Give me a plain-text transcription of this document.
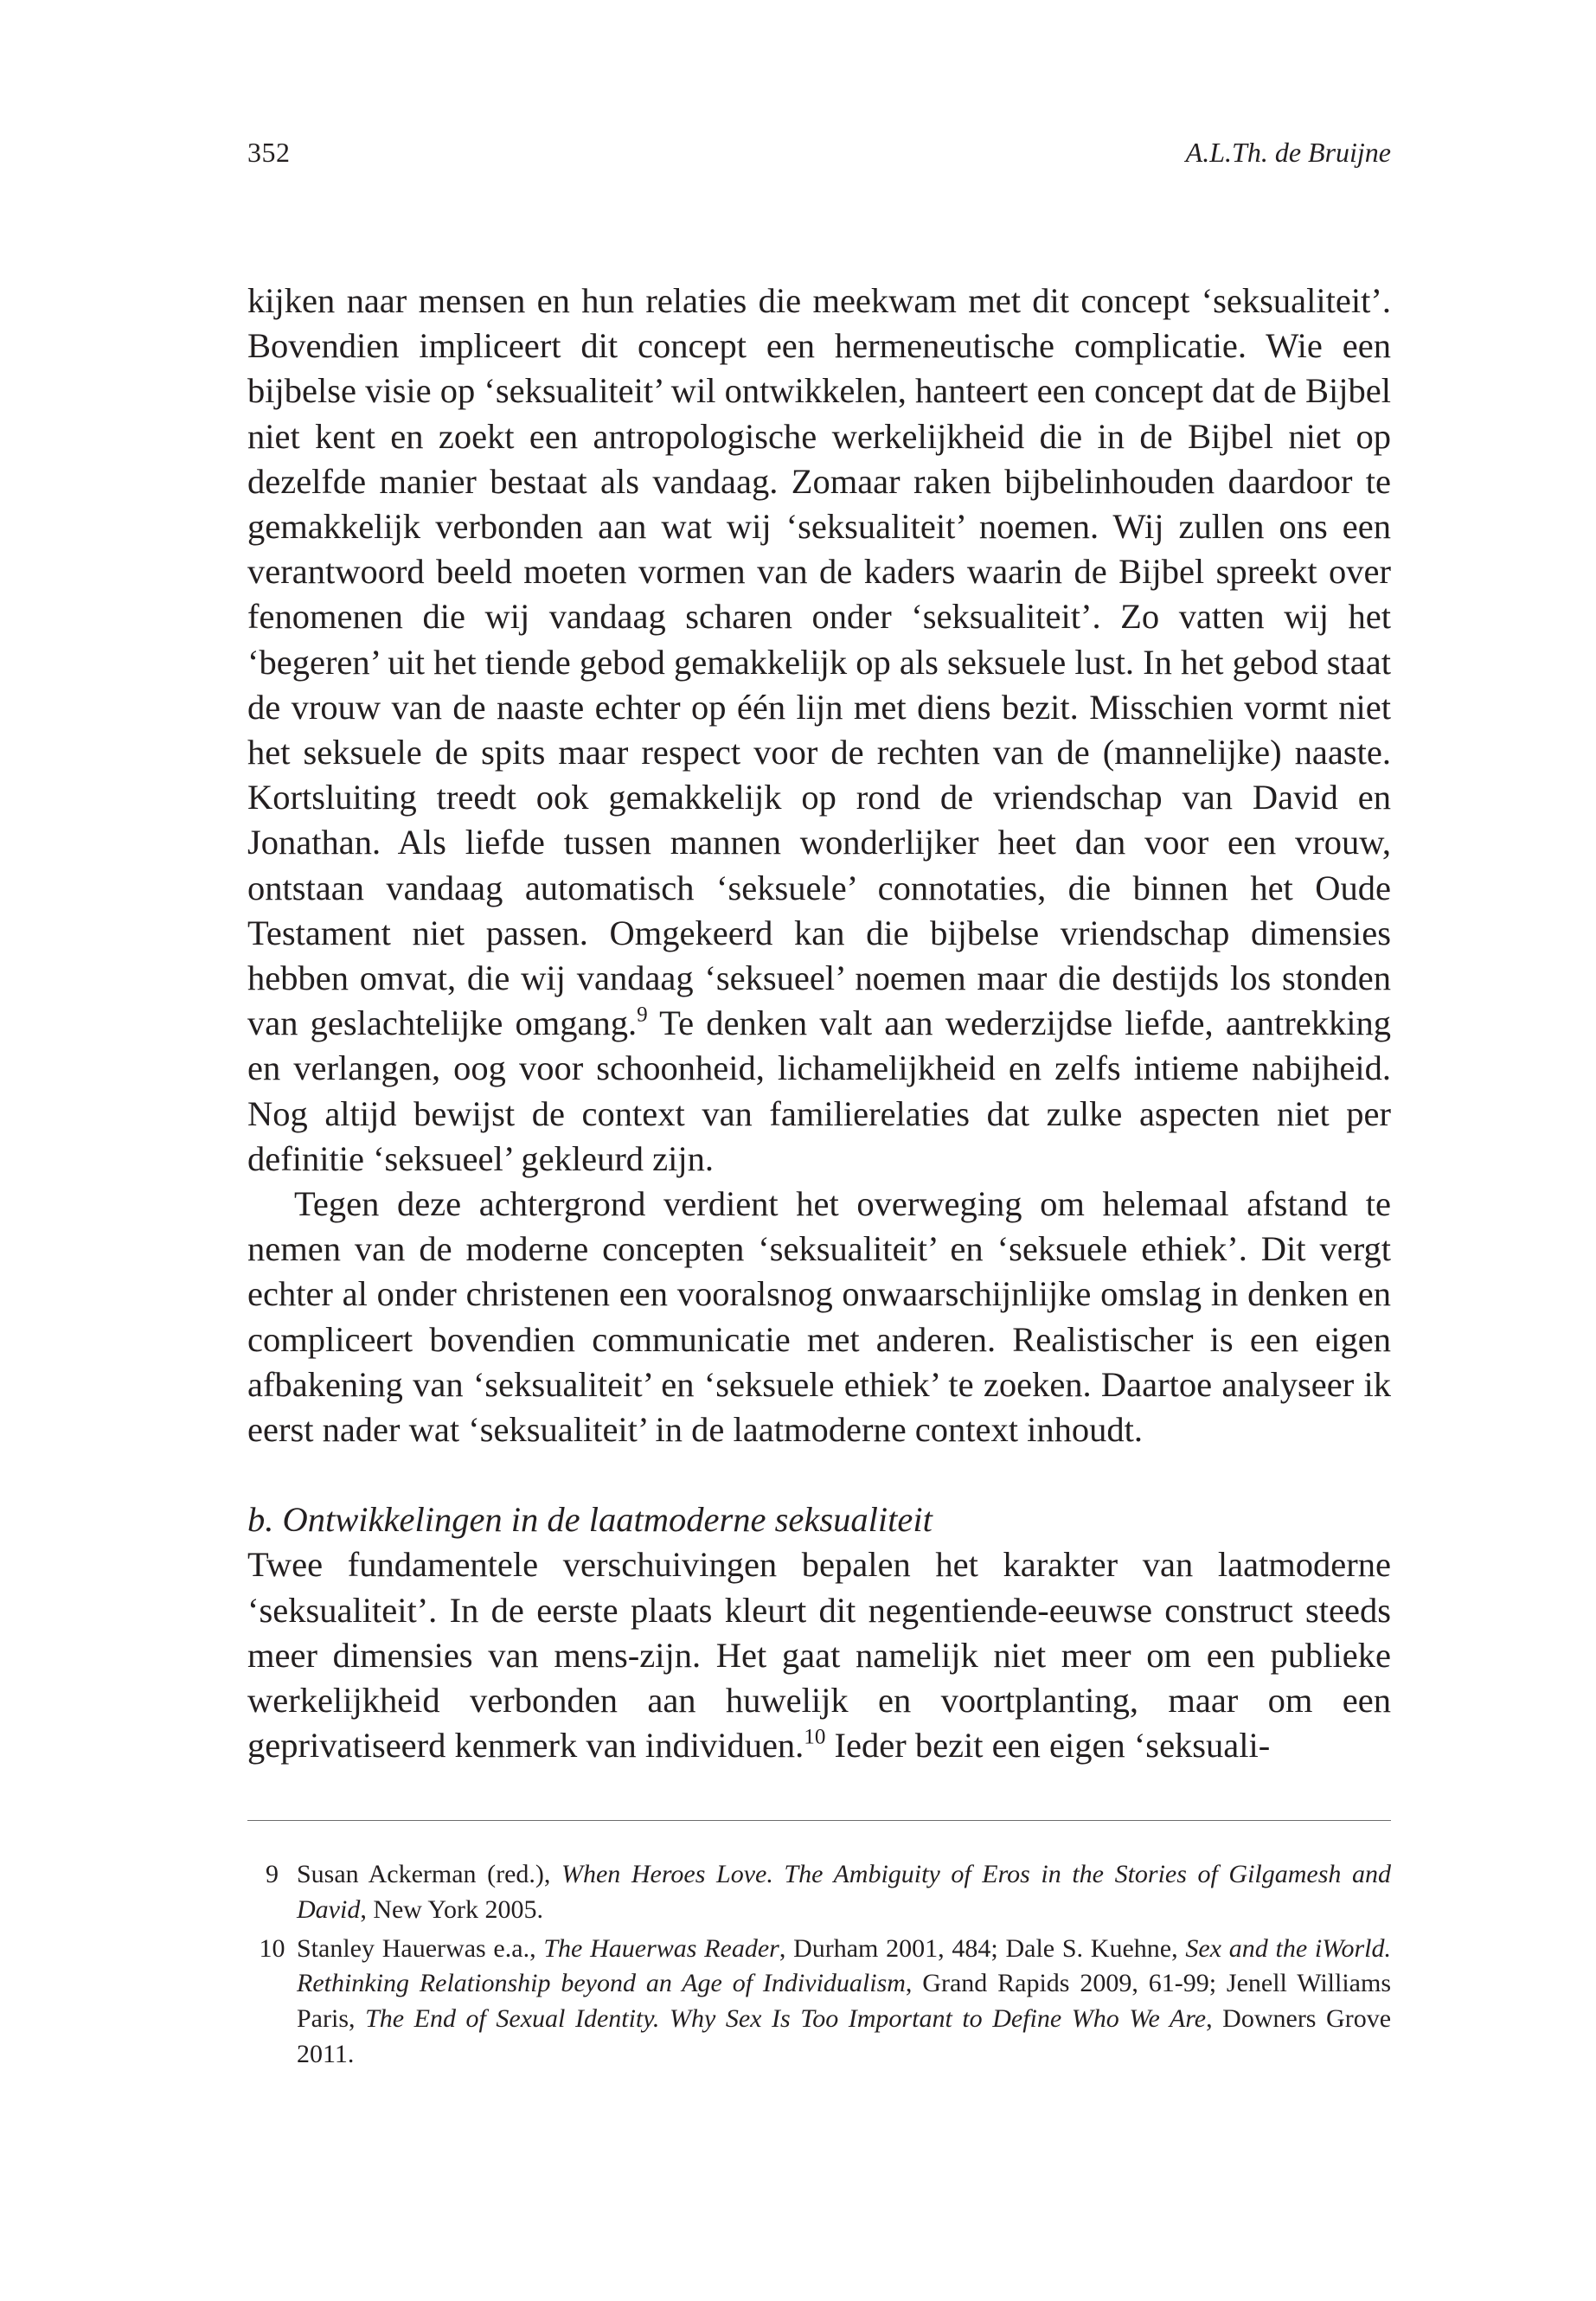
352	A.L.Th. de Bruijne

kijken naar mensen en hun relaties die meekwam met dit concept ‘seksualiteit’. Bovendien impliceert dit concept een hermeneutische complicatie. Wie een bijbelse visie op ‘seksualiteit’ wil ontwikkelen, hanteert een concept dat de Bijbel niet kent en zoekt een antropologische werkelijkheid die in de Bijbel niet op dezelfde manier bestaat als vandaag. Zomaar raken bijbelinhouden daardoor te gemakkelijk verbonden aan wat wij ‘seksualiteit’ noemen. Wij zullen ons een verantwoord beeld moeten vormen van de kaders waarin de Bijbel spreekt over fenomenen die wij vandaag scharen onder ‘seksualiteit’. Zo vatten wij het ‘begeren’ uit het tiende gebod gemakkelijk op als seksuele lust. In het gebod staat de vrouw van de naaste echter op één lijn met diens bezit. Misschien vormt niet het seksuele de spits maar respect voor de rechten van de (mannelijke) naaste. Kortsluiting treedt ook gemakkelijk op rond de vriendschap van David en Jonathan. Als liefde tussen mannen wonderlijker heet dan voor een vrouw, ontstaan vandaag automatisch ‘seksuele’ connotaties, die binnen het Oude Testament niet passen. Omgekeerd kan die bijbelse vriendschap dimensies hebben omvat, die wij vandaag ‘seksueel’ noemen maar die destijds los stonden van geslachtelijke omgang.$^9$ Te denken valt aan wederzijdse liefde, aantrekking en verlangen, oog voor schoonheid, lichamelijkheid en zelfs intieme nabijheid. Nog altijd bewijst de context van familierelaties dat zulke aspecten niet per definitie ‘seksueel’ gekleurd zijn.

Tegen deze achtergrond verdient het overweging om helemaal afstand te nemen van de moderne concepten ‘seksualiteit’ en ‘seksuele ethiek’. Dit vergt echter al onder christenen een vooralsnog onwaarschijnlijke omslag in denken en compliceert bovendien communicatie met anderen. Realistischer is een eigen afbakening van ‘seksualiteit’ en ‘seksuele ethiek’ te zoeken. Daartoe analyseer ik eerst nader wat ‘seksualiteit’ in de laatmoderne context inhoudt.

b. Ontwikkelingen in de laatmoderne seksualiteit

Twee fundamentele verschuivingen bepalen het karakter van laatmoderne ‘seksualiteit’. In de eerste plaats kleurt dit negentiende-eeuwse construct steeds meer dimensies van mens-zijn. Het gaat namelijk niet meer om een publieke werkelijkheid verbonden aan huwelijk en voortplanting, maar om een geprivatiseerd kenmerk van individuen.$^{10}$ Ieder bezit een eigen ‘seksuali-

9 Susan Ackerman (red.), When Heroes Love. The Ambiguity of Eros in the Stories of Gilgamesh and David, New York 2005.
10 Stanley Hauerwas e.a., The Hauerwas Reader, Durham 2001, 484; Dale S. Kuehne, Sex and the iWorld. Rethinking Relationship beyond an Age of Individualism, Grand Rapids 2009, 61-99; Jenell Williams Paris, The End of Sexual Identity. Why Sex Is Too Important to Define Who We Are, Downers Grove 2011.
